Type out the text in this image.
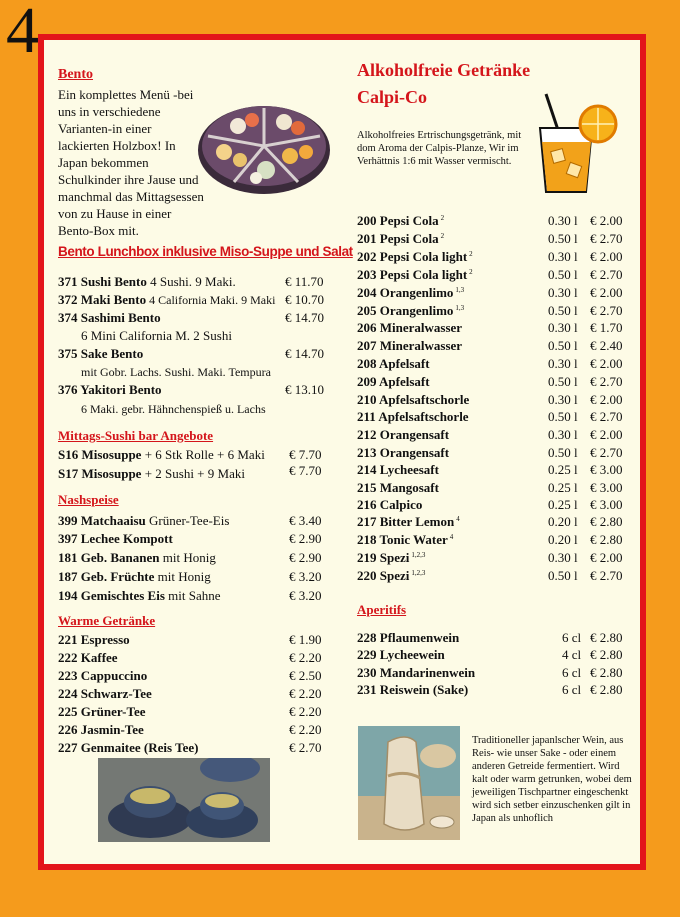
4
Bento
Ein komplettes Menü -bei uns in verschiedene Varianten-in einer lackierten Holzbox! In Japan bekommen Schulkinder ihre Jause und manchmal das Mittagsessen von zu Hause in einer Bento-Box mit.
Bento Lunchbox inklusive Miso-Suppe und Salat
371 Sushi Bento 4 Sushi. 9 Maki.	€ 11.70
372 Maki Bento 4 California Maki. 9 Maki € 10.70
374 Sashimi Bento	€ 14.70
6 Mini California M. 2 Sushi
375 Sake Bento	€ 14.70
mit Gobr. Lachs. Sushi. Maki. Tempura
376 Yakitori Bento	€ 13.10
6 Maki. gebr. Hähnchenspieß u. Lachs
Mittags-Sushi bar Angebote
S16 Misosuppe + 6 Stk Rolle + 6 Maki € 7.70
S17 Misosuppe + 2 Sushi + 9 Maki	€ 7.70
Nashspeise
399 Matchaaisu Grüner-Tee-Eis	€ 3.40
397 Lechee Kompott	€ 2.90
181 Geb. Bananen mit Honig	€ 2.90
187 Geb. Früchte mit Honig	€ 3.20
194 Gemischtes Eis mit Sahne	€ 3.20
Warme Getränke
221 Espresso	€ 1.90
222 Kaffee	€ 2.20
223 Cappuccino	€ 2.50
224 Schwarz-Tee	€ 2.20
225 Grüner-Tee	€ 2.20
226 Jasmin-Tee	€ 2.20
227 Genmaitee (Reis Tee)	€ 2.70
Alkoholfreie Getränke
Calpi-Co
Alkoholfreies Ertrischungsgetränk, mit dom Aroma der Calpis-Planze, Wir im Verhättnis 1:6 mit Wasser vermischt.
200 Pepsi Cola $^2$	0.30 l € 2.00
201 Pepsi Cola $^2$	0.50 l € 2.70
202 Pepsi Cola light $^2$	0.30 l € 2.00
203 Pepsi Cola light $^2$	0.50 l € 2.70
204 Orangenlimo $^{1,3}$	0.30 l € 2.00
205 Orangenlimo $^{1,3}$	0.50 l € 2.70
206 Mineralwasser	0.30 l € 1.70
207 Mineralwasser	0.50 l € 2.40
208 Apfelsaft	0.30 l € 2.00
209 Apfelsaft	0.50 l € 2.70
210 Apfelsaftschorle	0.30 l € 2.00
211 Apfelsaftschorle	0.50 l € 2.70
212 Orangensaft	0.30 l € 2.00
213 Orangensaft	0.50 l € 2.70
214 Lycheesaft	0.25 l € 3.00
215 Mangosaft	0.25 l € 3.00
216 Calpico	0.25 l € 3.00
217 Bitter Lemon $^4$	0.20 l € 2.80
218 Tonic Water $^4$	0.20 l € 2.80
219 Spezi $^{1,2,3}$	0.30 l € 2.00
220 Spezi $^{1,2,3}$	0.50 l € 2.70
Aperitifs
228 Pflaumenwein	6 cl € 2.80
229 Lycheewein	4 cl € 2.80
230 Mandarinenwein	6 cl € 2.80
231 Reiswein (Sake)	6 cl € 2.80
Traditioneller japanlscher Wein, aus Reis- wie unser Sake - oder einem anderen Getreide fermentiert. Wird kalt oder warm getrunken, wobei dem jeweiligen Tischpartner eingeschenkt wird sich setber einzuschenken gilt in Japan als unhoflich
